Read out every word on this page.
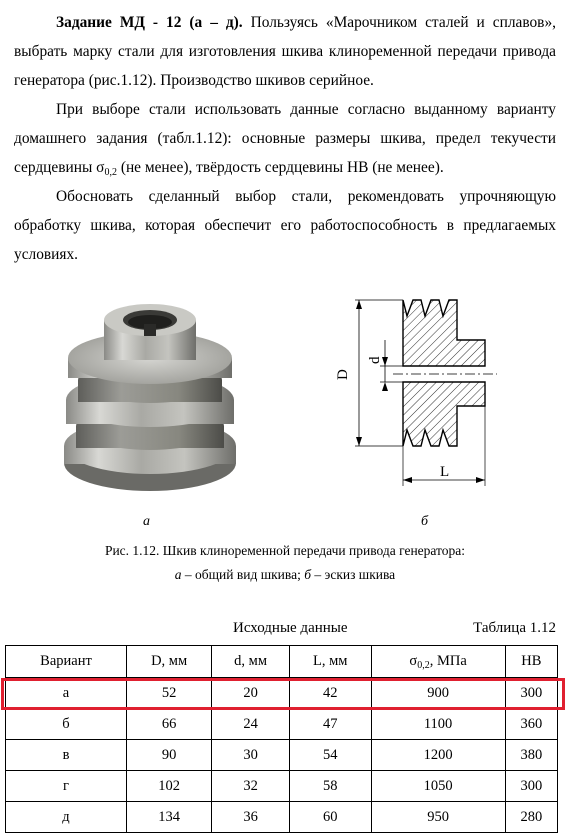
Задание МД - 12 (а – д). Пользуясь «Марочником сталей и сплавов», выбрать марку стали для изготовления шкива клиноременной передачи привода генератора (рис.1.12). Производство шкивов серийное.

При выборе стали использовать данные согласно выданному варианту домашнего задания (табл.1.12): основные размеры шкива, предел текучести сердцевины $\sigma_{0,2}$ (не менее), твёрдость сердцевины НВ (не менее).

Обосновать сделанный выбор стали, рекомендовать упрочняющую обработку шкива, которая обеспечит его работоспособность в предлагаемых условиях.

D
d
L
а	б
Рис. 1.12. Шкив клиноременной передачи привода генератора:
а – общий вид шкива; б – эскиз шкива
Исходные данные	Таблица 1.12
Вариант	D, мм	d, мм	L, мм	$\sigma_{0,2}$, МПа	НВ
а	52	20	42	900	300
б	66	24	47	1100	360
в	90	30	54	1200	380
г	102	32	58	1050	300
д	134	36	60	950	280
